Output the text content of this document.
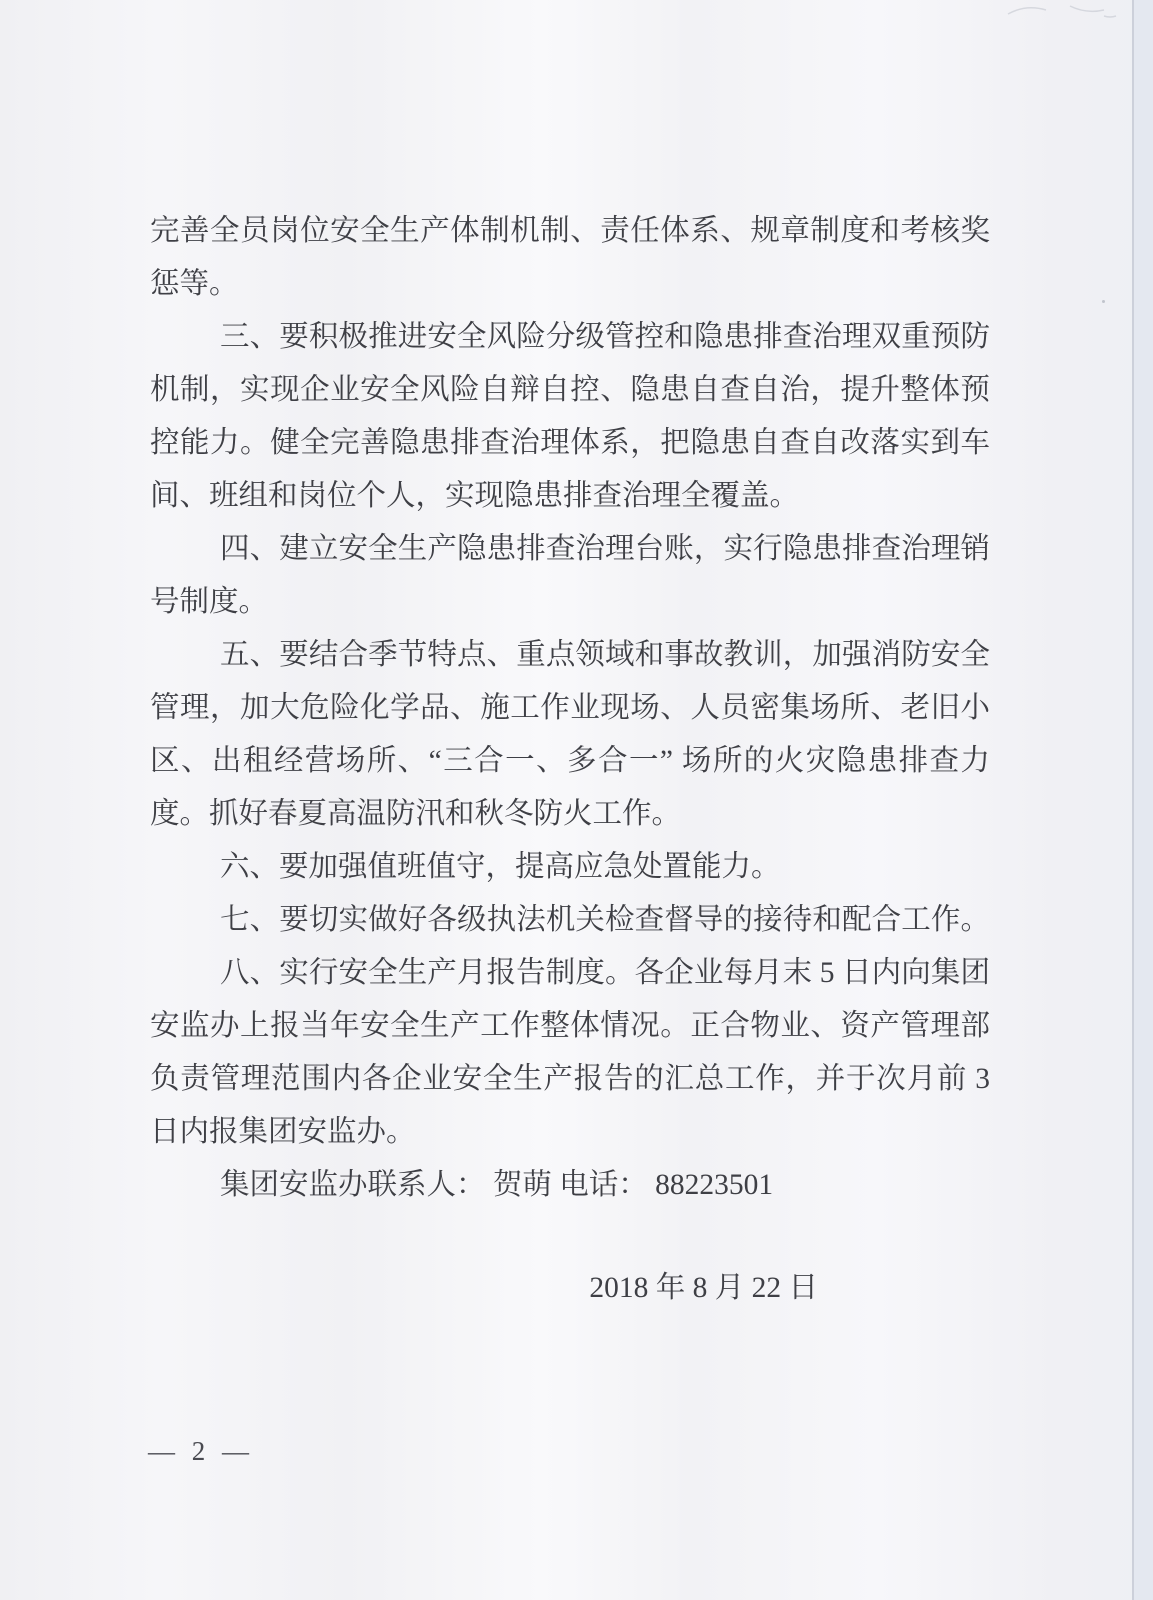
完善全员岗位安全生产体制机制、责任体系、规章制度和考核奖
惩等。
三、要积极推进安全风险分级管控和隐患排查治理双重预防
机制，实现企业安全风险自辩自控、隐患自查自治，提升整体预
控能力。健全完善隐患排查治理体系，把隐患自查自改落实到车
间、班组和岗位个人，实现隐患排查治理全覆盖。
四、建立安全生产隐患排查治理台账，实行隐患排查治理销
号制度。
五、要结合季节特点、重点领域和事故教训，加强消防安全
管理，加大危险化学品、施工作业现场、人员密集场所、老旧小
区、出租经营场所、“三合一、多合一” 场所的火灾隐患排查力
度。抓好春夏高温防汛和秋冬防火工作。
六、要加强值班值守，提高应急处置能力。
七、要切实做好各级执法机关检查督导的接待和配合工作。
八、实行安全生产月报告制度。各企业每月末 5 日内向集团
安监办上报当年安全生产工作整体情况。正合物业、资产管理部
负责管理范围内各企业安全生产报告的汇总工作，并于次月前 3
日内报集团安监办。
集团安监办联系人： 贺萌 电话： 88223501
2018 年 8 月 22 日
— 2 —
